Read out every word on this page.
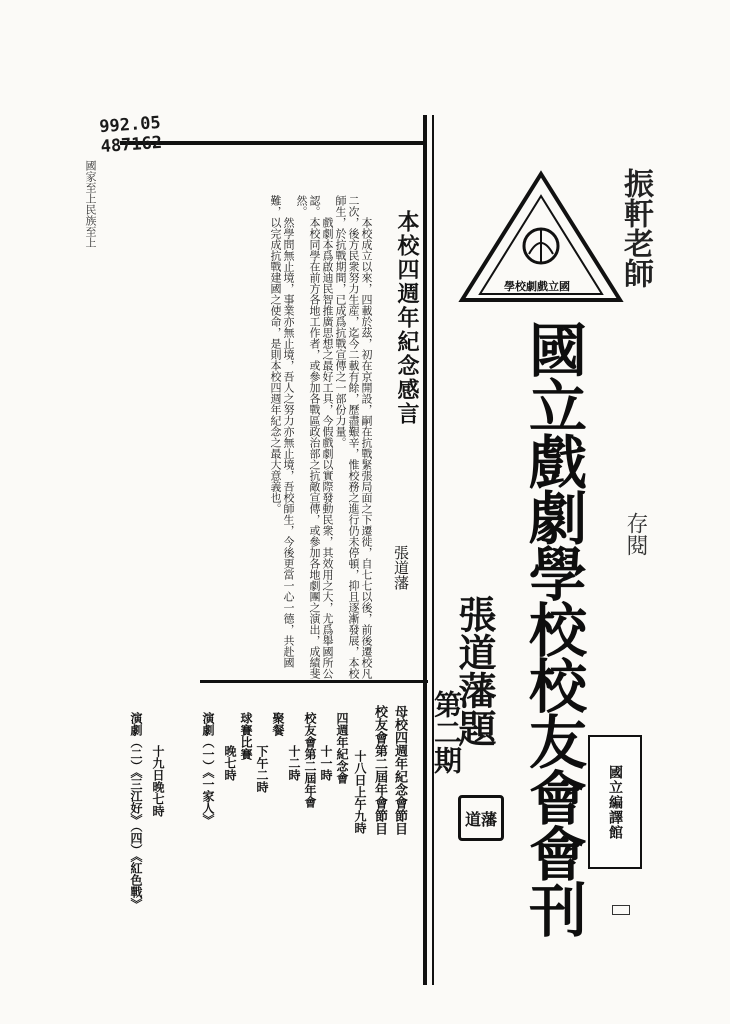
992.05
487162
本校四週年紀念感言
張道藩

本校成立以來，四載於茲，初在京開設，嗣在抗戰緊張局面之下遷徙，自七七以後，前後遷校凡二次，後方民衆努力生産，迄今二載有餘，歷盡艱辛，惟校務之進行仍未停頓，抑且逐漸發展，本校師生，於抗戰期間，已成爲抗戰宣傳之一部份力量。

戲劇本爲啟迪民智推廣思想之最好工具，今假戲劇以實際發動民衆，其效用之大，尤爲舉國所公認。本校同學在前方各地工作者，或參加各戰區政治部之抗敵宣傳，或參加各地劇團之演出，成績斐然。

然學問無止境，事業亦無止境，吾人之努力亦無止境，吾校師生，今後更當一心一德，共赴國難，以完成抗戰建國之使命，是則本校四週年紀念之最大意義也。

國家至上民族至上
母校四週年紀念會節目
校友會第二屆年會節目
十八日上午九時
四週年紀念會
十一時
校友會第二屆年會
十二時
聚餐
下午二時
球賽比賽
晚七時
演劇（一）《一家人》
十九日晚七時
演劇（二）《三江好》（四）《紅色戰》	國立戲劇學校校友會會刊
張道藩題
第二期
振軒老師
存閱
道藩	國立編譯館
學校劇戲立國
